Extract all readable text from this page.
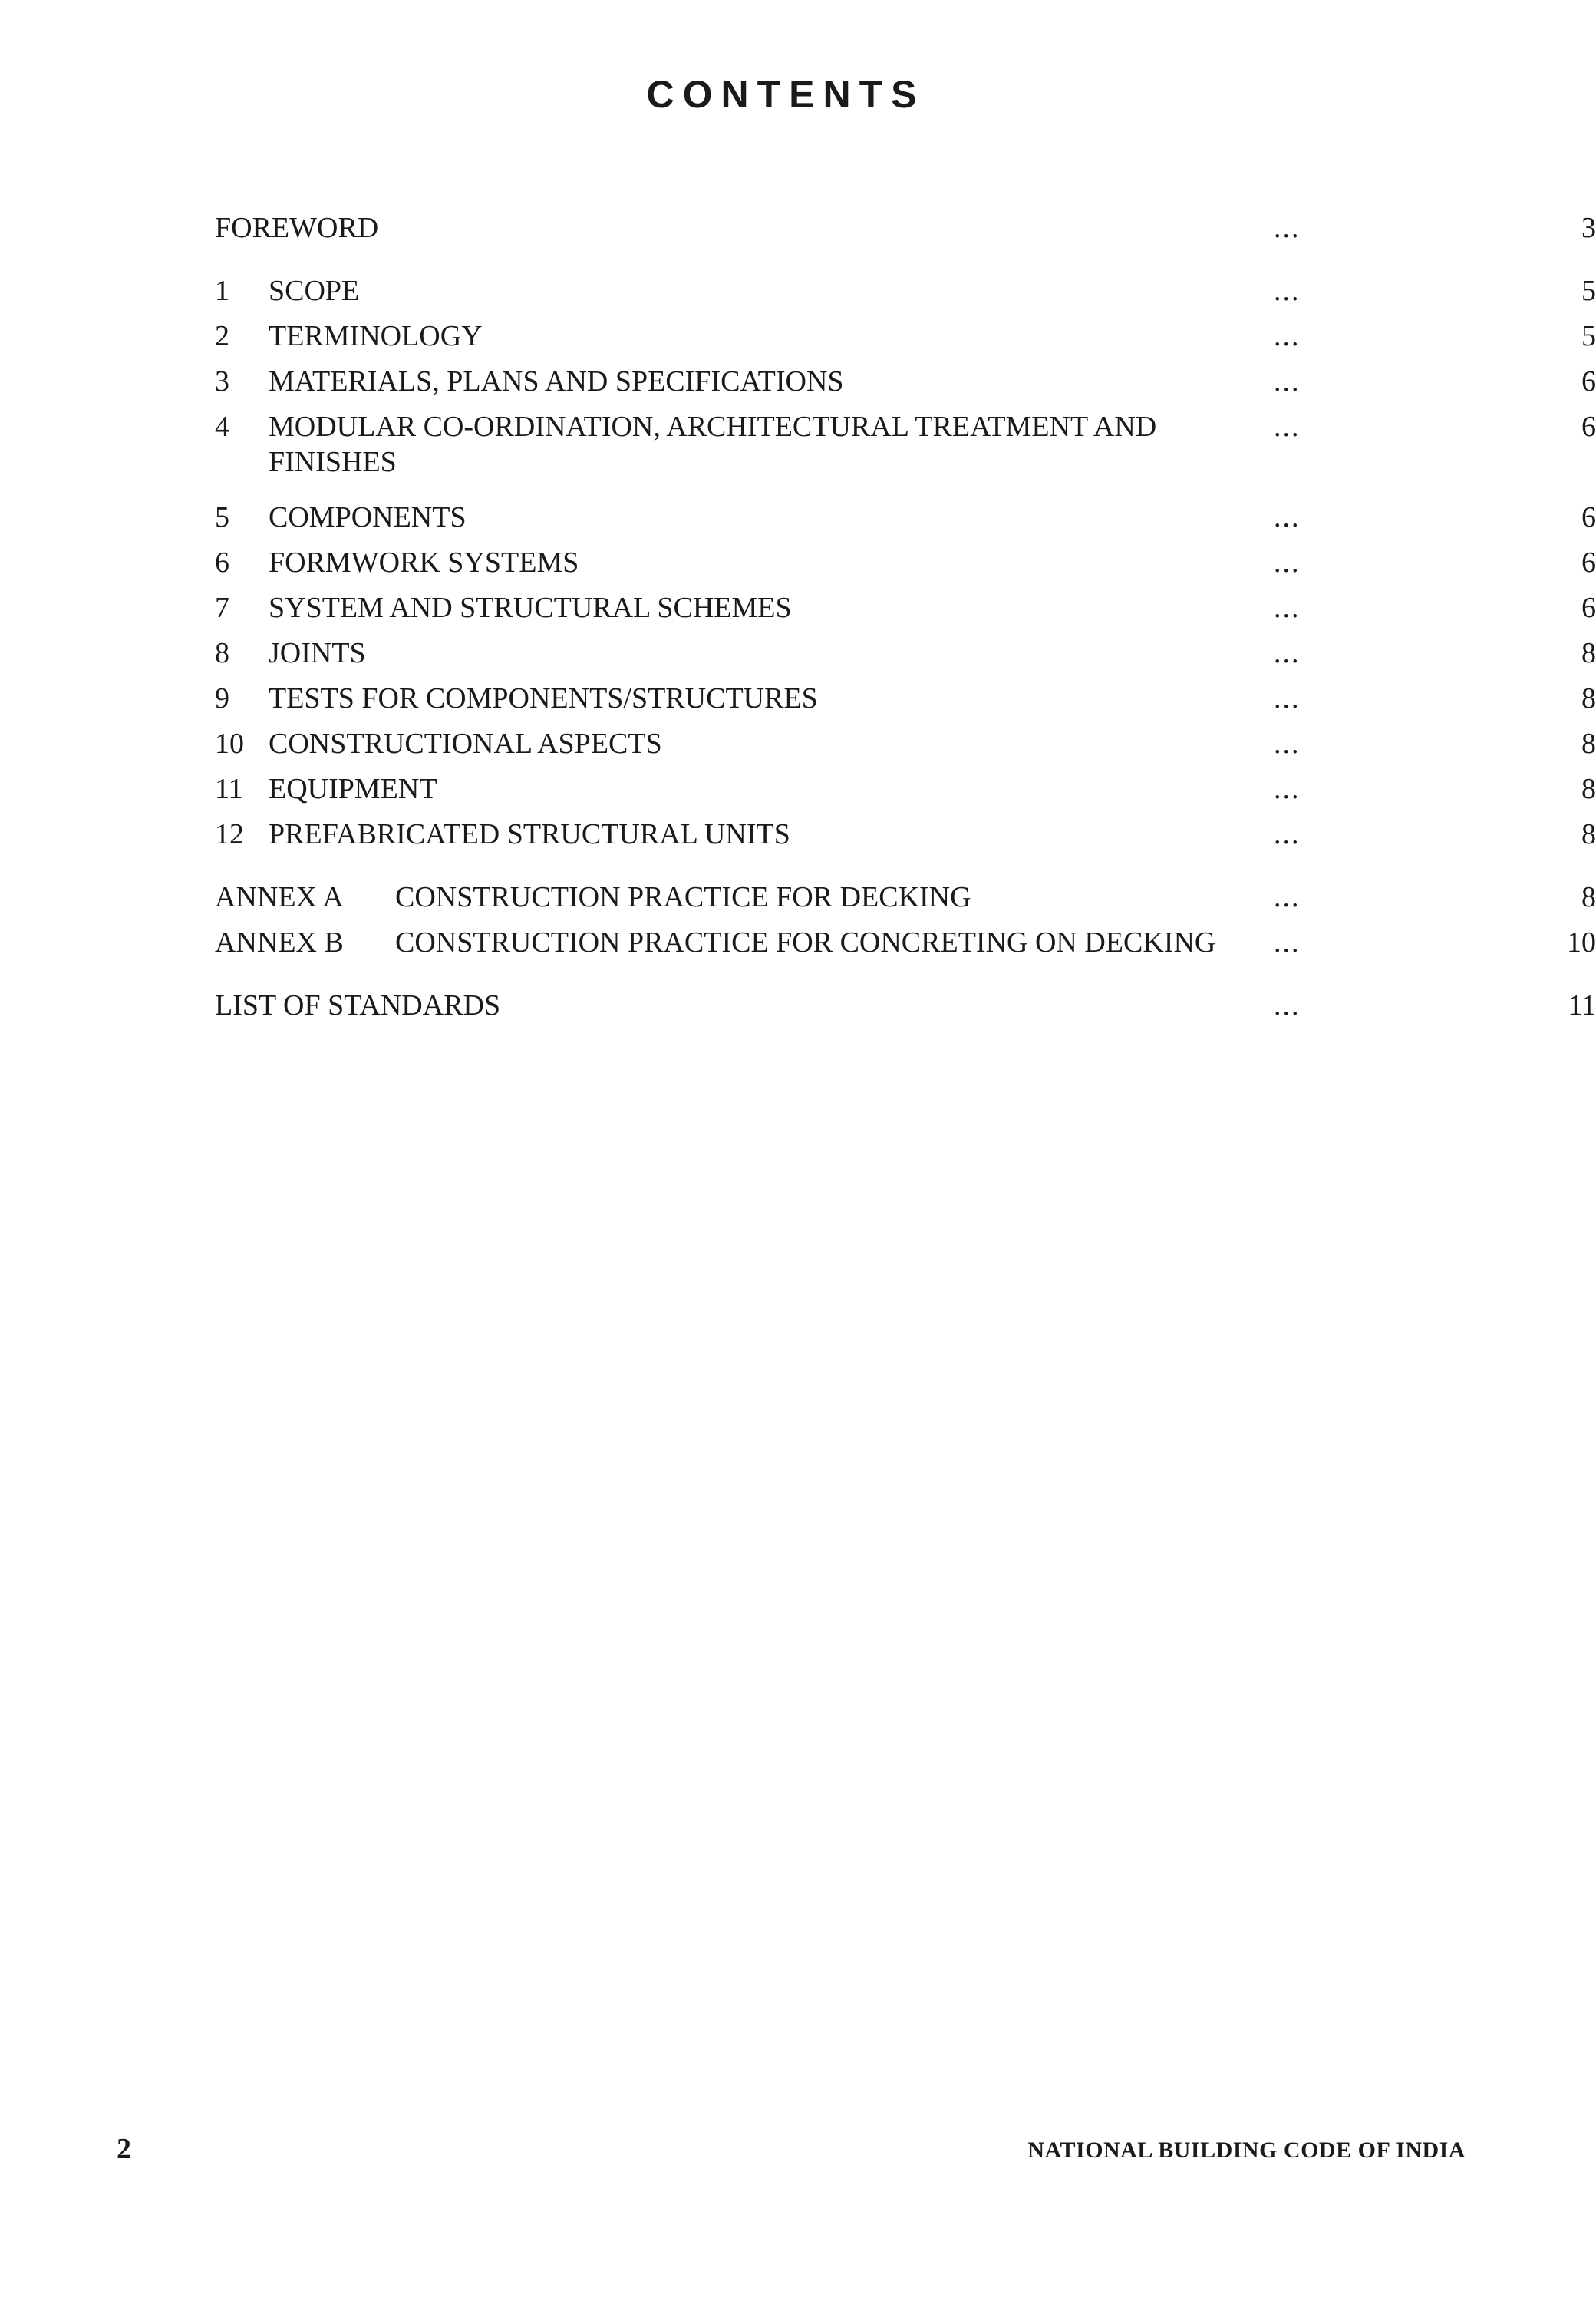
CONTENTS
FOREWORD	...	3
1 SCOPE	...	5
2 TERMINOLOGY	...	5
3 MATERIALS, PLANS AND SPECIFICATIONS	...	6
4 MODULAR CO-ORDINATION, ARCHITECTURAL TREATMENT AND FINISHES
...	6
5 COMPONENTS	...	6
6 FORMWORK SYSTEMS	...	6
7 SYSTEM AND STRUCTURAL SCHEMES	...	6
8 JOINTS	...	8
9 TESTS FOR COMPONENTS/STRUCTURES	...	8
10 CONSTRUCTIONAL ASPECTS	...	8
11 EQUIPMENT	...	8
12 PREFABRICATED STRUCTURAL UNITS	...	8
ANNEX A CONSTRUCTION PRACTICE FOR DECKING	...	8
ANNEX B CONSTRUCTION PRACTICE FOR CONCRETING ON DECKING ...	10
LIST OF STANDARDS	...	11
2	NATIONAL BUILDING CODE OF INDIA
